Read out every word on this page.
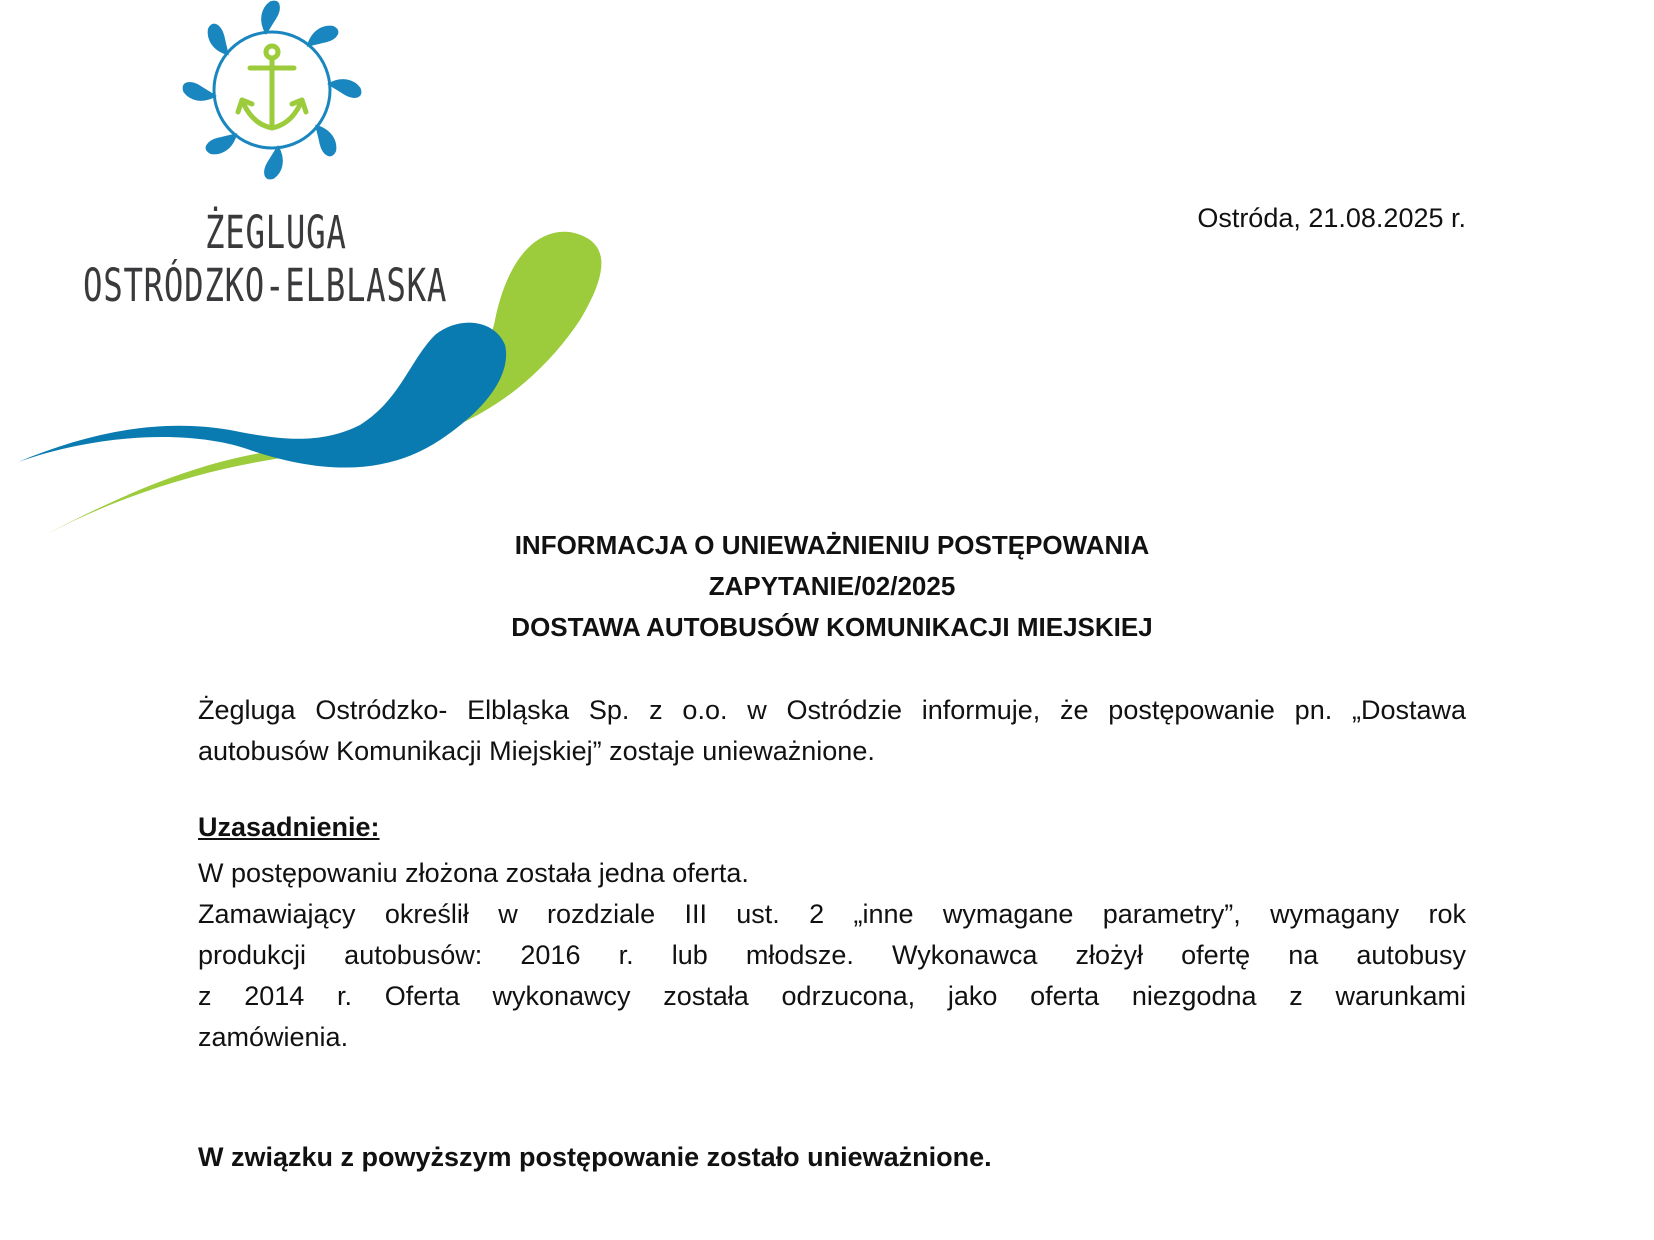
ŻEGLUGA
OSTRÓDZKO-ELBLASKA
Ostróda, 21.08.2025 r.
INFORMACJA O UNIEWAŻNIENIU POSTĘPOWANIA
ZAPYTANIE/02/2025
DOSTAWA AUTOBUSÓW KOMUNIKACJI MIEJSKIEJ
Żegluga Ostródzko- Elbląska Sp. z o.o. w Ostródzie informuje, że postępowanie pn. „Dostawa
autobusów Komunikacji Miejskiej” zostaje unieważnione.
Uzasadnienie:
W postępowaniu złożona została jedna oferta.
Zamawiający określił w rozdziale III ust. 2 „inne wymagane parametry”, wymagany rok
produkcji autobusów: 2016 r. lub młodsze. Wykonawca złożył ofertę na autobusy
z 2014 r. Oferta wykonawcy została odrzucona, jako oferta niezgodna z warunkami
zamówienia.
W związku z powyższym postępowanie zostało unieważnione.
